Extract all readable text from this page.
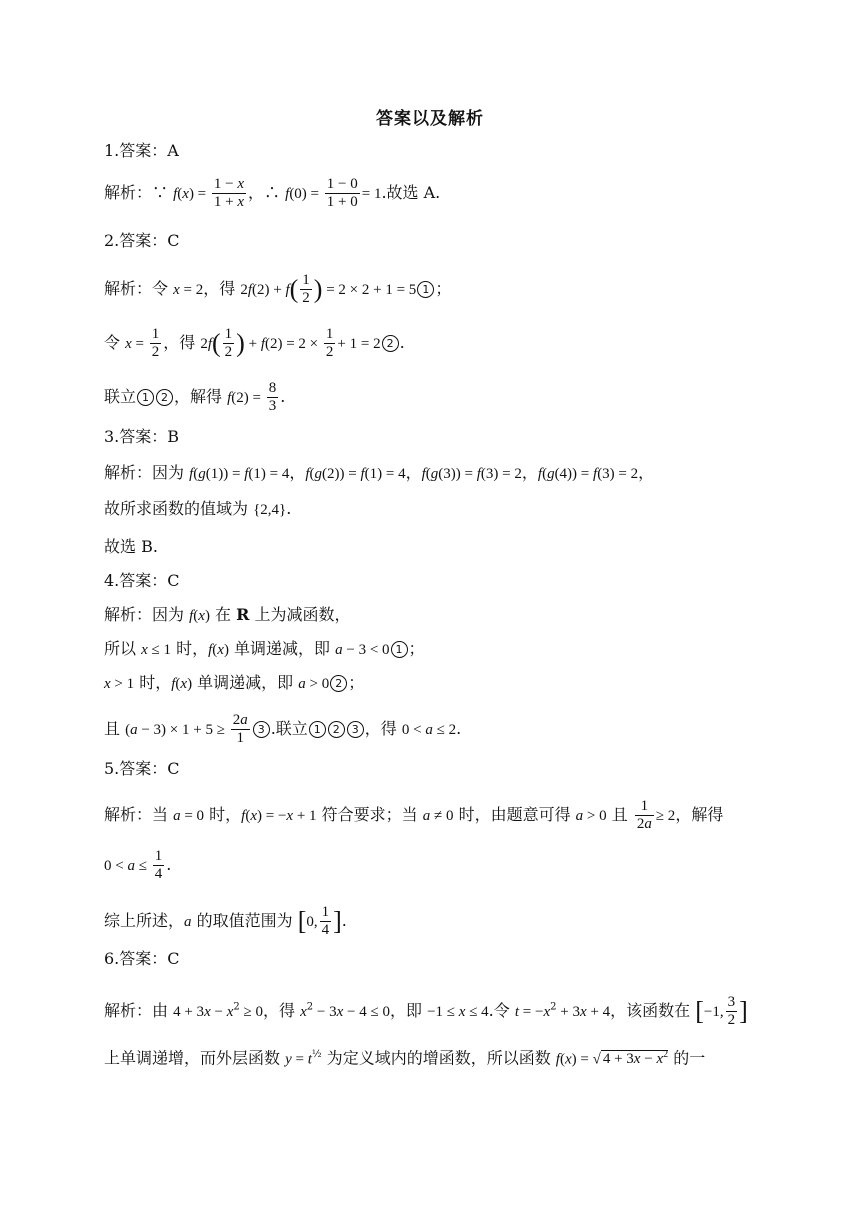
答案以及解析
1.答案：A
解析：∵ $f(x) = \frac{1 - x}{1 + x}$ ，∴ $f(0) = \frac{1 - 0}{1 + 0} = 1$.故选 A.
2.答案：C
解析：令 x = 2，得 $2f(2) + f( \frac{1}{2}$ ) = 2 × 2 + 1 = 5 1 ；
令 $x = \frac{1}{2}$ ，得 $2f( \frac{1}{2}$ ) + $f(2) = 2 \times \frac{1}{2} + 1 = 2$ 2 .
联立 1 2 ，解得 $f(2) = \frac{8}{3}$ .
3.答案：B
解析：因为 f(g(1)) = f(1) = 4，f(g(2)) = f(1) = 4，f(g(3)) = f(3) = 2，f(g(4)) = f(3) = 2，
故所求函数的值域为 {2,4}.
故选 B.
4.答案：C
解析：因为 f(x) 在 R 上为减函数，
所以 x ≤ 1 时，f(x) 单调递减，即 a − 3 < 0 1 ；
x > 1 时，f(x) 单调递减，即 a > 0 2 ；
且 $(a - 3) \times 1 + 5 \ge \frac{2a}{1} 3$ .联立 1 2 3 ，得 0 < a ≤ 2.
5.答案：C
解析：当 a = 0 时，f(x) = −x + 1 符合要求；当 a ≠ 0 时，由题意可得 a > 0 且 $\frac{1}{2a} \ge 2$，解得
$0 < a \le \frac{1}{4}$ .
综上所述，a 的取值范围为 [0, $\frac{1}{4}$ ].
6.答案：C
解析：由 $4 + 3x - x^2 \ge 0$，得 $x^2 - 3x - 4 \le 0$，即 −1 ≤ x ≤ 4.令 $t = -x^2 + 3x + 4$，该函数在 [−1, $\frac{3}{2}$ ]
上单调递增，而外层函数 $y = t^{\frac{1}{2}}$ 为定义域内的增函数，所以函数 f(x) = √ $4 + 3x - x^2$ 的一
